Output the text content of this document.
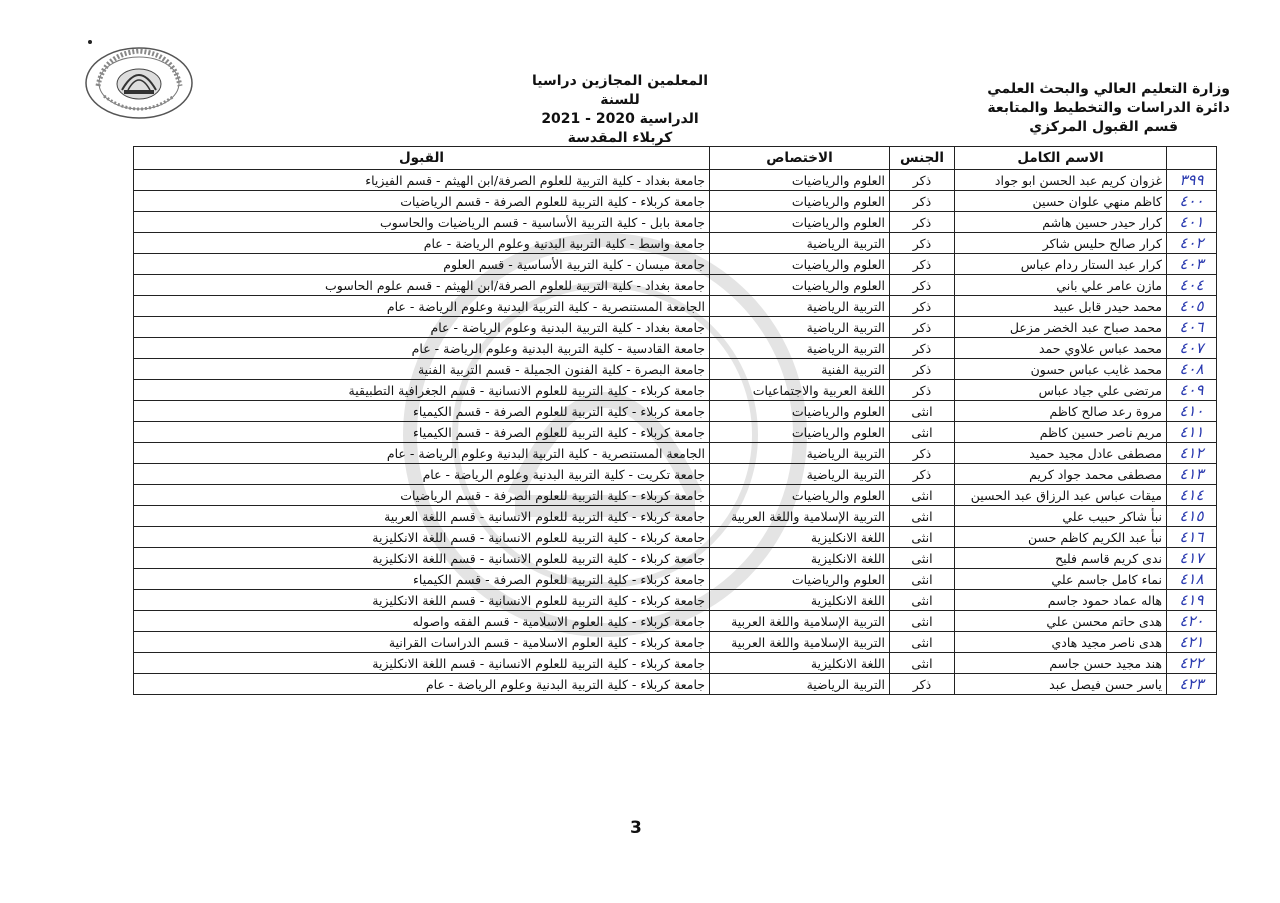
وزارة التعليم العالي والبحث العلمي
دائرة الدراسات والتخطيط والمتابعة
قسم القبول المركزي
المعلمين المجازين دراسيا للسنة
الدراسية 2020 - 2021
كربلاء المقدسة
	الاسم الكامل	الجنس	الاختصاص	القبول
٣٩٩	غزوان كريم عبد الحسن ابو جواد	ذكر	العلوم والرياضيات	جامعة بغداد - كلية التربية للعلوم الصرفة/ابن الهيثم - قسم الفيزياء
٤٠٠	كاظم منهي علوان حسين	ذكر	العلوم والرياضيات	جامعة كربلاء - كلية التربية للعلوم الصرفة - قسم الرياضيات
٤٠١	كرار حيدر حسين هاشم	ذكر	العلوم والرياضيات	جامعة بابل - كلية التربية الأساسية - قسم الرياضيات والحاسوب
٤٠٢	كرار صالح حليس شاكر	ذكر	التربية الرياضية	جامعة واسط - كلية التربية البدنية وعلوم الرياضة - عام
٤٠٣	كرار عبد الستار ردام عباس	ذكر	العلوم والرياضيات	جامعة ميسان - كلية التربية الأساسية - قسم العلوم
٤٠٤	مازن عامر علي باني	ذكر	العلوم والرياضيات	جامعة بغداد - كلية التربية للعلوم الصرفة/ابن الهيثم - قسم علوم الحاسوب
٤٠٥	محمد حيدر قابل عبيد	ذكر	التربية الرياضية	الجامعة المستنصرية - كلية التربية البدنية وعلوم الرياضة - عام
٤٠٦	محمد صباح عبد الخضر مزعل	ذكر	التربية الرياضية	جامعة بغداد - كلية التربية البدنية وعلوم الرياضة - عام
٤٠٧	محمد عباس علاوي حمد	ذكر	التربية الرياضية	جامعة القادسية - كلية التربية البدنية وعلوم الرياضة - عام
٤٠٨	محمد غايب عباس حسون	ذكر	التربية الفنية	جامعة البصرة - كلية الفنون الجميلة - قسم التربية الفنية
٤٠٩	مرتضى علي جياد عباس	ذكر	اللغة العربية والاجتماعيات	جامعة كربلاء - كلية التربية للعلوم الانسانية - قسم الجغرافية التطبيقية
٤١٠	مروة رعد صالح كاظم	انثى	العلوم والرياضيات	جامعة كربلاء - كلية التربية للعلوم الصرفة - قسم الكيمياء
٤١١	مريم ناصر حسين كاظم	انثى	العلوم والرياضيات	جامعة كربلاء - كلية التربية للعلوم الصرفة - قسم الكيمياء
٤١٢	مصطفى عادل مجيد حميد	ذكر	التربية الرياضية	الجامعة المستنصرية - كلية التربية البدنية وعلوم الرياضة - عام
٤١٣	مصطفى محمد جواد كريم	ذكر	التربية الرياضية	جامعة تكريت - كلية التربية البدنية وعلوم الرياضة - عام
٤١٤	ميقات عباس عبد الرزاق عبد الحسين	انثى	العلوم والرياضيات	جامعة كربلاء - كلية التربية للعلوم الصرفة - قسم الرياضيات
٤١٥	نبأ شاكر حبيب علي	انثى	التربية الإسلامية واللغة العربية	جامعة كربلاء - كلية التربية للعلوم الانسانية - قسم اللغة العربية
٤١٦	نبأ عبد الكريم كاظم حسن	انثى	اللغة الانكليزية	جامعة كربلاء - كلية التربية للعلوم الانسانية - قسم اللغة الانكليزية
٤١٧	ندى كريم قاسم فليح	انثى	اللغة الانكليزية	جامعة كربلاء - كلية التربية للعلوم الانسانية - قسم اللغة الانكليزية
٤١٨	نماء كامل جاسم علي	انثى	العلوم والرياضيات	جامعة كربلاء - كلية التربية للعلوم الصرفة - قسم الكيمياء
٤١٩	هاله عماد حمود جاسم	انثى	اللغة الانكليزية	جامعة كربلاء - كلية التربية للعلوم الانسانية - قسم اللغة الانكليزية
٤٢٠	هدى حاتم محسن علي	انثى	التربية الإسلامية واللغة العربية	جامعة كربلاء - كلية العلوم الاسلامية - قسم الفقه واصوله
٤٢١	هدى ناصر مجيد هادي	انثى	التربية الإسلامية واللغة العربية	جامعة كربلاء - كلية العلوم الاسلامية - قسم الدراسات القرانية
٤٢٢	هند مجيد حسن جاسم	انثى	اللغة الانكليزية	جامعة كربلاء - كلية التربية للعلوم الانسانية - قسم اللغة الانكليزية
٤٢٣	ياسر حسن فيصل عبد	ذكر	التربية الرياضية	جامعة كربلاء - كلية التربية البدنية وعلوم الرياضة - عام
3
